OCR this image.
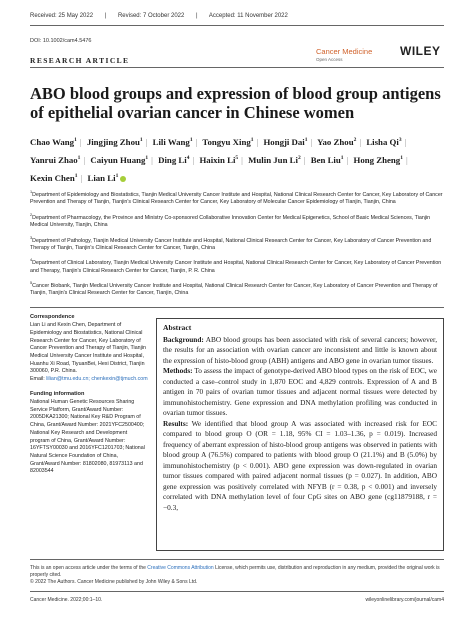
Received: 25 May 2022 | Revised: 7 October 2022 | Accepted: 11 November 2022
DOI: 10.1002/cam4.5476
RESEARCH ARTICLE
Cancer Medicine
Open Access
WILEY
ABO blood groups and expression of blood group antigens of epithelial ovarian cancer in Chinese women
Chao Wang$^1$ | Jingjing Zhou$^1$ | Lili Wang$^1$ | Tongyu Xing$^1$ | Hongji Dai$^1$ | Yao Zhou$^2$ | Lisha Qi$^3$ | Yanrui Zhao$^1$ | Caiyun Huang$^1$ | Ding Li$^4$ | Haixin Li$^5$ | Mulin Jun Li$^2$ | Ben Liu$^1$ | Hong Zheng$^1$ | Kexin Chen$^1$ | Lian Li$^1$
$^1$Department of Epidemiology and Biostatistics, Tianjin Medical University Cancer Institute and Hospital, National Clinical Research Center for Cancer, Key Laboratory of Cancer Prevention and Therapy of Tianjin, Tianjin's Clinical Research Center for Cancer, Key Laboratory of Molecular Cancer Epidemiology of Tianjin, Tianjin, China
$^2$Department of Pharmacology, the Province and Ministry Co-sponsored Collaborative Innovation Center for Medical Epigenetics, School of Basic Medical Sciences, Tianjin Medical University, Tianjin, China
$^3$Department of Pathology, Tianjin Medical University Cancer Institute and Hospital, National Clinical Research Center for Cancer, Key Laboratory of Cancer Prevention and Therapy of Tianjin, Tianjin's Clinical Research Center for Cancer, Tianjin, China
$^4$Department of Clinical Laboratory, Tianjin Medical University Cancer Institute and Hospital, National Clinical Research Center for Cancer, Key Laboratory of Cancer Prevention and Therapy, Tianjin's Clinical Research Center for Cancer, Tianjin, P. R. China
$^5$Cancer Biobank, Tianjin Medical University Cancer Institute and Hospital, National Clinical Research Center for Cancer, Key Laboratory of Cancer Prevention and Therapy of Tianjin, Tianjin's Clinical Research Center for Cancer, Tianjin, China
Correspondence
Lian Li and Kexin Chen, Department of Epidemiology and Biostatistics, National Clinical Research Center for Cancer, Key Laboratory of Cancer Prevention and Therapy of Tianjin, Tianjin Medical University Cancer Institute and Hospital, Huanhu Xi Road, TiyuanBei, Hexi District, Tianjin 300060, P.R. China.
Email: lilian@tmu.edu.cn; chenkexin@tjmuch.com
Funding information
National Human Genetic Resources Sharing Service Platform, Grant/Award Number: 2005DKA21300; National Key R&D Program of China, Grant/Award Number: 2021YFC2500400; National Key Research and Development program of China, Grant/Award Number: 16YFTSY00030 and 2016YFC1201703; National Natural Science Foundation of China, Grant/Award Number: 81802080, 81973113 and 82003544
Abstract

Background: ABO blood groups has been associated with risk of several cancers; however, the results for an association with ovarian cancer are inconsistent and little is known about the expression of histo-blood group (ABH) antigens and ABO gene in ovarian tumor tissues.

Methods: To assess the impact of genotype-derived ABO blood types on the risk of EOC, we conducted a case–control study in 1,870 EOC and 4,829 controls. Expression of A and B antigen in 70 pairs of ovarian tumor tissues and adjacent normal tissues were detected by immunohistochemistry. Gene expression and DNA methylation profiling was conducted in ovarian tumor tissues.

Results: We identified that blood group A was associated with increased risk for EOC compared to blood group O (OR = 1.18, 95% CI = 1.03–1.36, p = 0.019). Increased frequency of aberrant expression of histo-blood group antigens was observed in patients with blood group A (76.5%) compared to patients with blood group O (21.1%) and B (5.0%) by immunohistochemistry (p < 0.001). ABO gene expression was down-regulated in ovarian tumor tissues compared with paired adjacent normal tissues (p = 0.027). In addition, ABO gene expression was positively correlated with NFYB (r = 0.38, p < 0.001) and inversely correlated with DNA methylation level of four CpG sites on ABO gene (cg11879188, r = −0.3,

This is an open access article under the terms of the Creative Commons Attribution License, which permits use, distribution and reproduction in any medium, provided the original work is properly cited.
© 2022 The Authors. Cancer Medicine published by John Wiley & Sons Ltd.
Cancer Medicine. 2022;00:1–10.	wileyonlinelibrary.com/journal/cam4
